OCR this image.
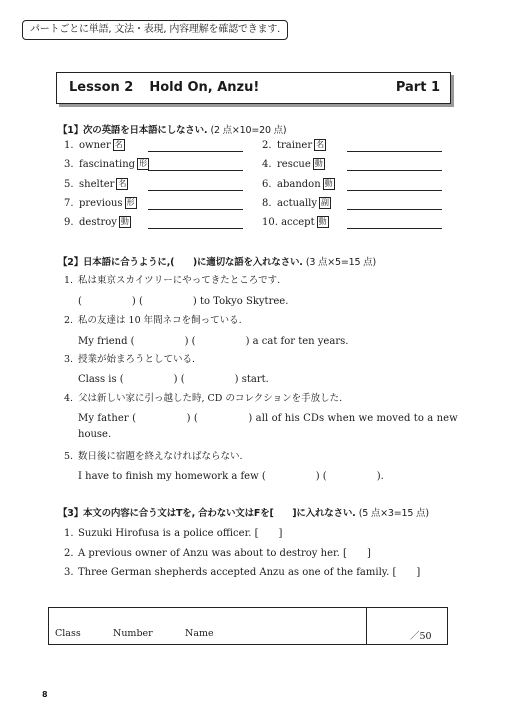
パートごとに単語, 文法・表現, 内容理解を確認できます.
Lesson 2 Hold On, Anzu!	Part 1
【1】次の英語を日本語にしなさい. (2 点×10=20 点)
1. owner 名	2. trainer 名
3. fascinating 形	4. rescue 動
5. shelter 名	6. abandon 動
7. previous 形	8. actually 副
9. destroy 動	10. accept 動
【2】日本語に合うように,(　　)に適切な語を入れなさい. (3 点×5=15 点)
1. 私は東京スカイツリーにやってきたところです.
(　　　　　) (　　　　　) to Tokyo Skytree.
2. 私の友達は 10 年間ネコを飼っている.
My friend (　　　　　) (　　　　　) a cat for ten years.
3. 授業が始まろうとしている.
Class is (　　　　　) (　　　　　) start.
4. 父は新しい家に引っ越した時, CD のコレクションを手放した.
My father (　　　　　) (　　　　　) all of his CDs when we moved to a new
house.
5. 数日後に宿題を終えなければならない.
I have to finish my homework a few (　　　　　) (　　　　　).
【3】本文の内容に合う文はTを, 合わない文はFを[　　]に入れなさい. (5 点×3=15 点)
1. Suzuki Hirofusa is a police officer. [　　]
2. A previous owner of Anzu was about to destroy her. [　　]
3. Three German shepherds accepted Anzu as one of the family. [　　]
Class	Number	Name	／50
8
